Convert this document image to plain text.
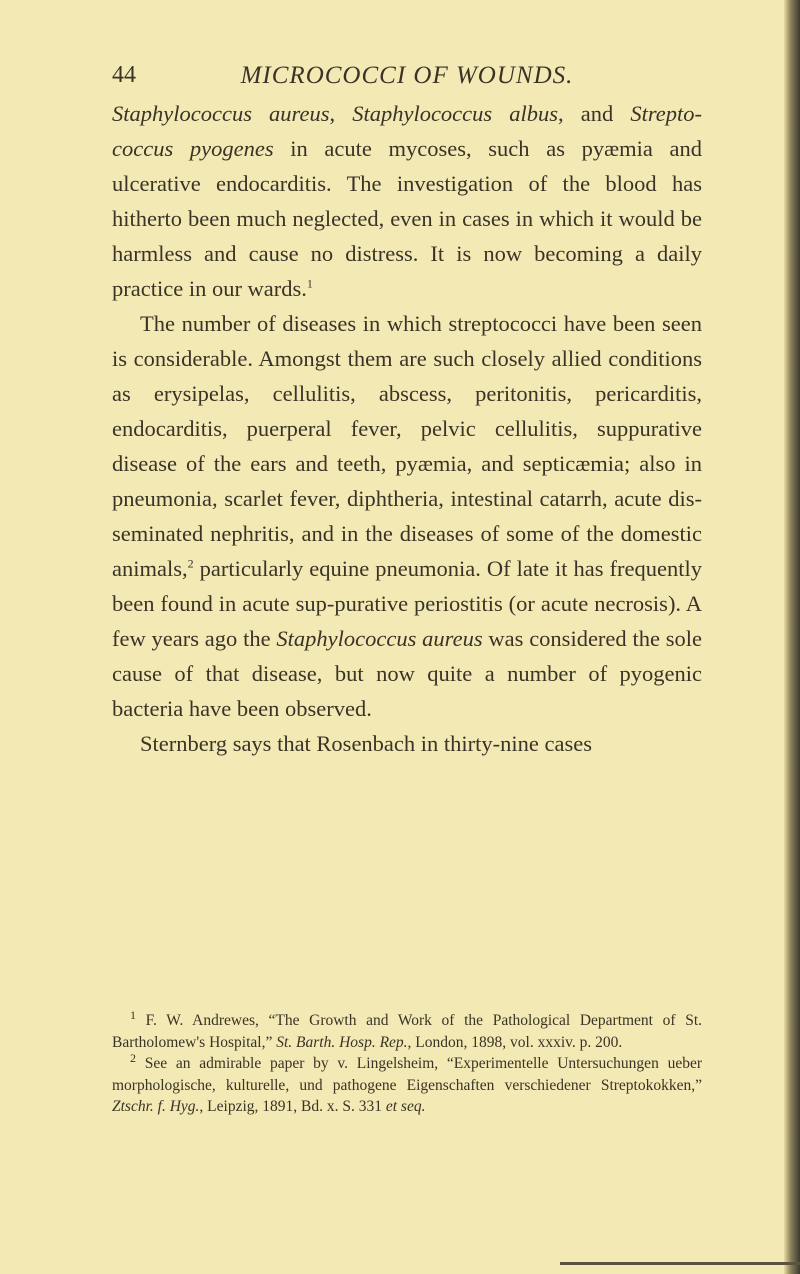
44	MICROCOCCI OF WOUNDS.

Staphylococcus aureus, Staphylococcus albus, and Strepto-coccus pyogenes in acute mycoses, such as pyæmia and ulcerative endocarditis. The investigation of the blood has hitherto been much neglected, even in cases in which it would be harmless and cause no distress. It is now becoming a daily practice in our wards.$^1$

The number of diseases in which streptococci have been seen is considerable. Amongst them are such closely allied conditions as erysipelas, cellulitis, abscess, peritonitis, pericarditis, endocarditis, puerperal fever, pelvic cellulitis, suppurative disease of the ears and teeth, pyæmia, and septicæmia; also in pneumonia, scarlet fever, diphtheria, intestinal catarrh, acute dis-seminated nephritis, and in the diseases of some of the domestic animals,$^2$ particularly equine pneumonia. Of late it has frequently been found in acute sup-purative periostitis (or acute necrosis). A few years ago the Staphylococcus aureus was considered the sole cause of that disease, but now quite a number of pyogenic bacteria have been observed.

Sternberg says that Rosenbach in thirty-nine cases

$^1$ F. W. Andrewes, “The Growth and Work of the Pathological Department of St. Bartholomew's Hospital,” St. Barth. Hosp. Rep., London, 1898, vol. xxxiv. p. 200.

$^2$ See an admirable paper by v. Lingelsheim, “Experimentelle Untersuchungen ueber morphologische, kulturelle, und pathogene Eigenschaften verschiedener Streptokokken,” Ztschr. f. Hyg., Leipzig, 1891, Bd. x. S. 331 et seq.
